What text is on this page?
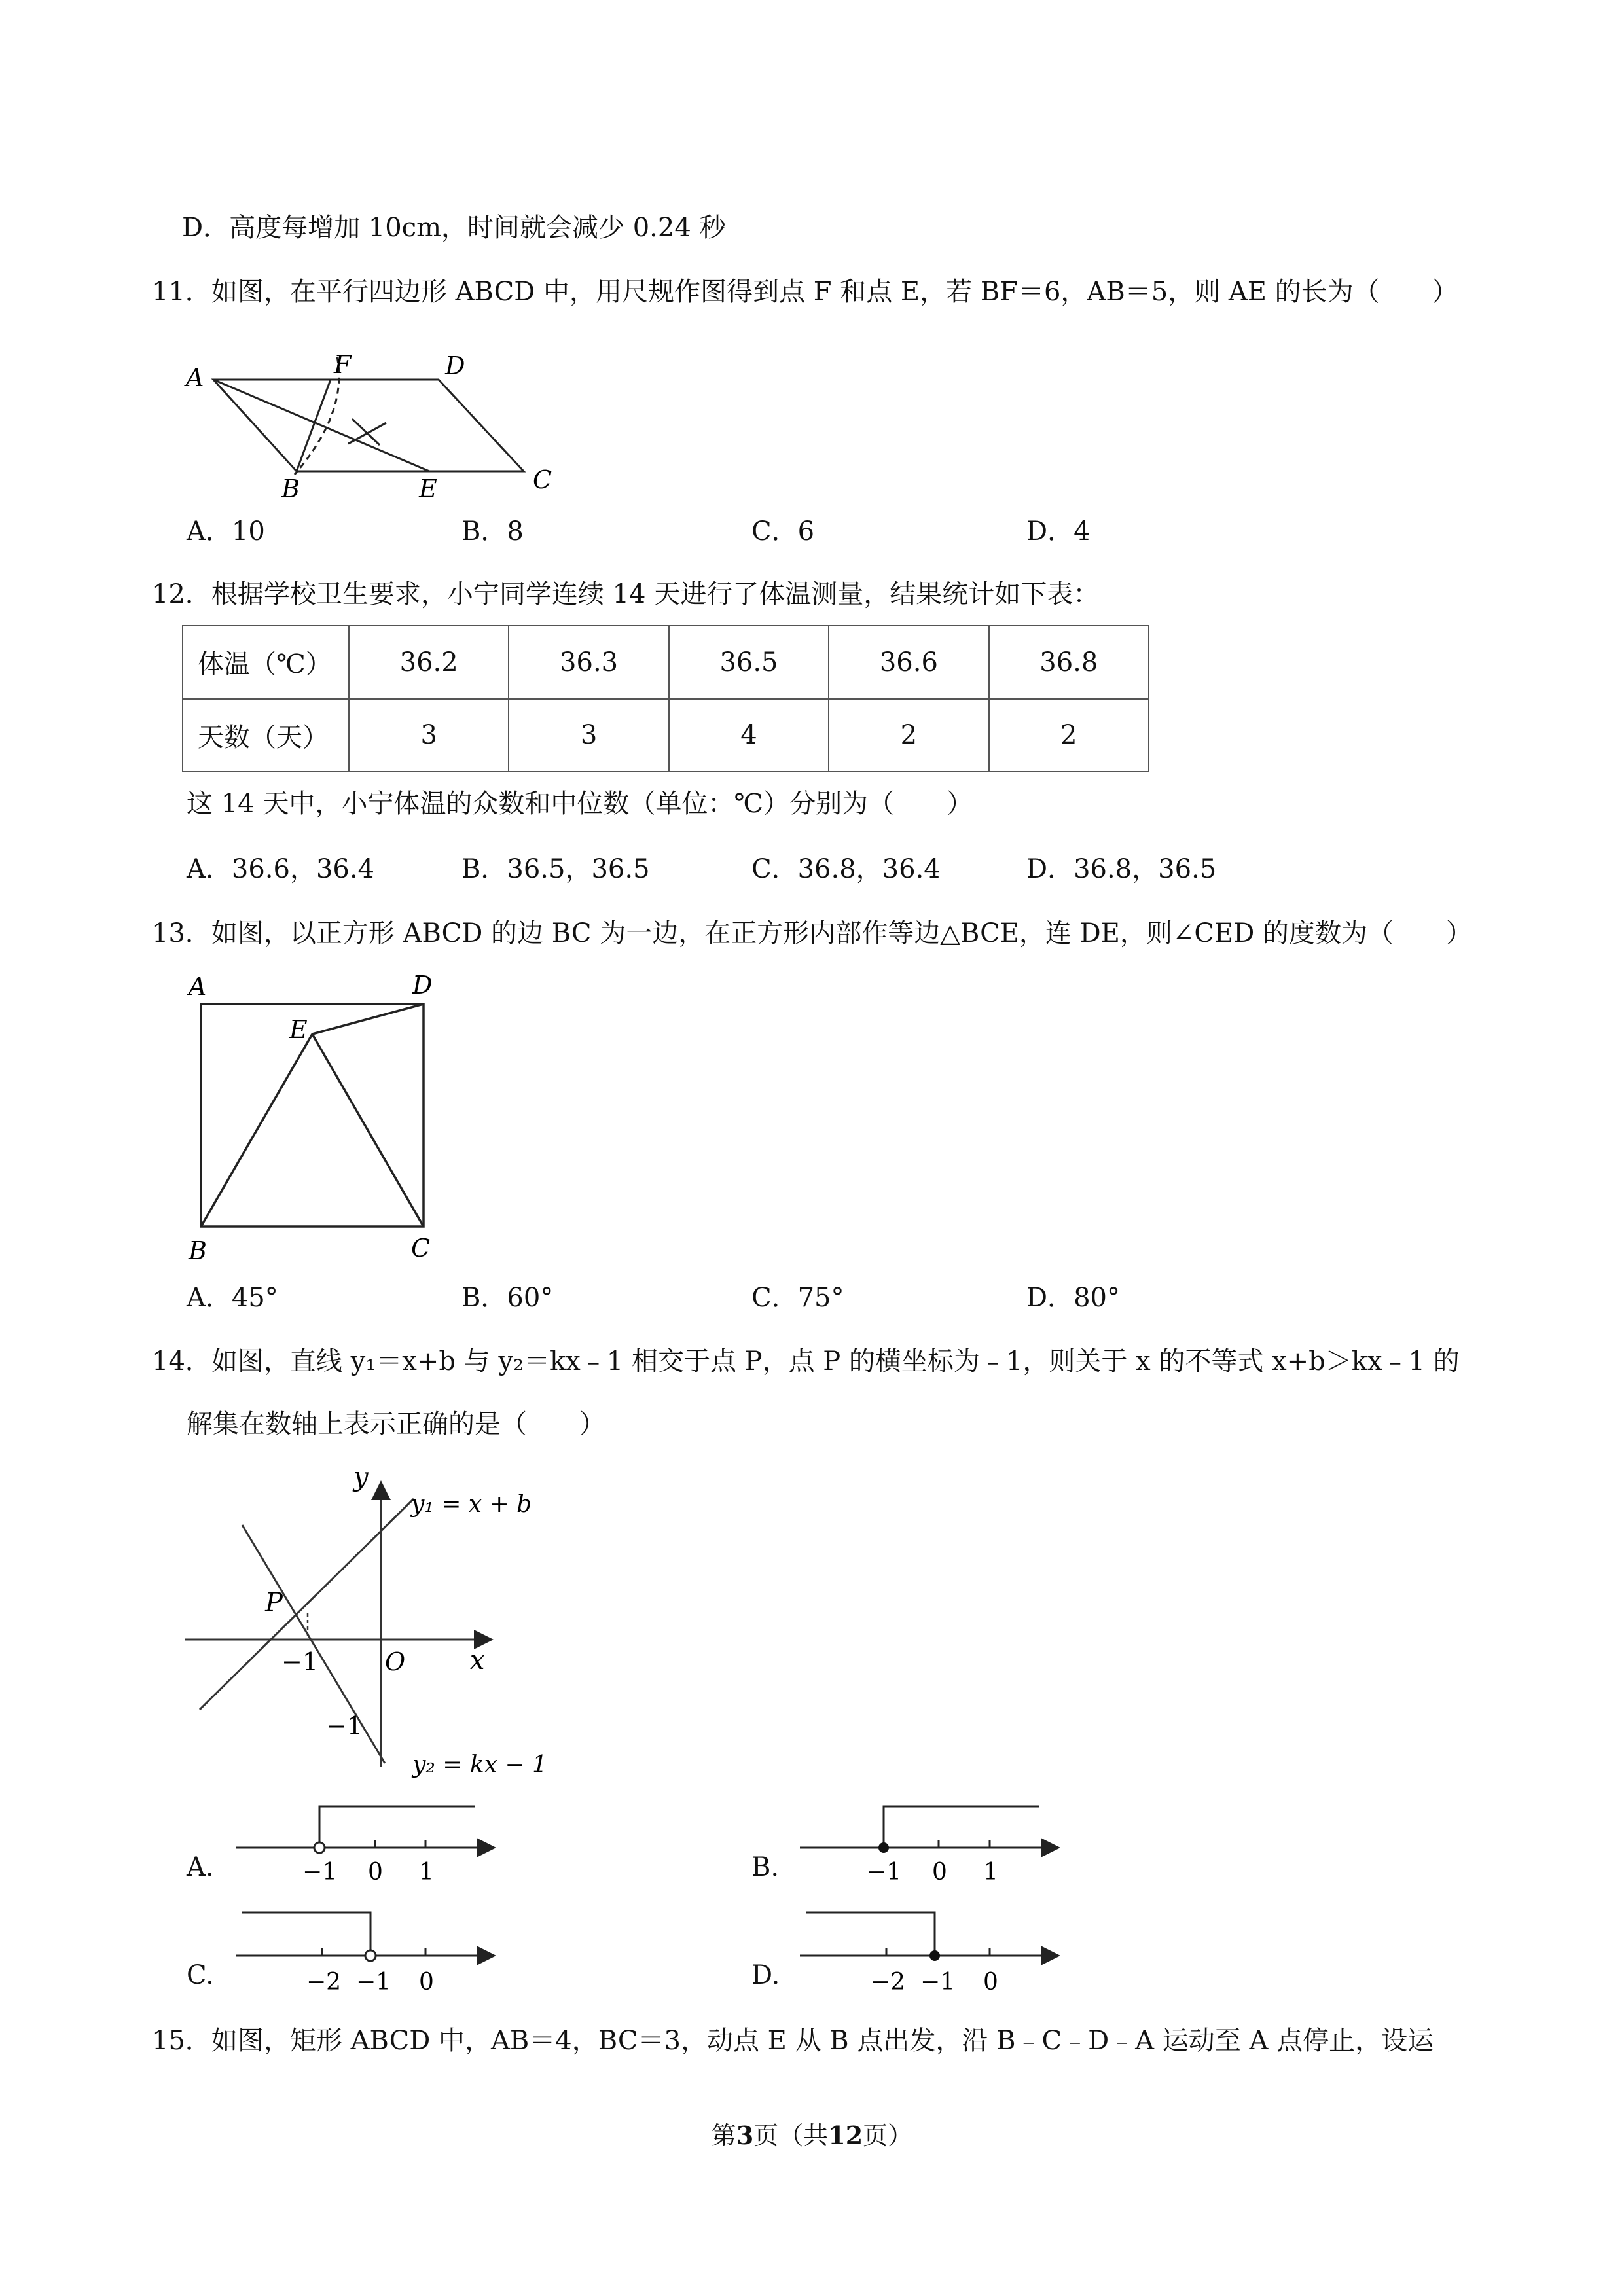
D．高度每增加 10cm，时间就会减少 0.24 秒
11．如图，在平行四边形 ABCD 中，用尺规作图得到点 F 和点 E，若 BF＝6，AB＝5，则 AE 的长为（　　）
A	F	D
B	E	C
A．10	B．8	C．6	D．4
12．根据学校卫生要求，小宁同学连续 14 天进行了体温测量，结果统计如下表：
体温（℃）	36.2	36.3	36.5	36.6	36.8
天数（天）	3	3	4	2	2
这 14 天中，小宁体温的众数和中位数（单位：℃）分别为（　　）
A．36.6，36.4	B．36.5，36.5	C．36.8，36.4	D．36.8，36.5
13．如图，以正方形 ABCD 的边 BC 为一边，在正方形内部作等边△BCE，连 DE，则∠CED 的度数为（　　）
A	D
E
B	C
A．45°	B．60°	C．75°	D．80°
14．如图，直线 y₁＝x+b 与 y₂＝kx﹣1 相交于点 P，点 P 的横坐标为﹣1，则关于 x 的不等式 x+b＞kx﹣1 的
解集在数轴上表示正确的是（　　）
y
y₁ = x + b
P
−1	O x
−1
y₂ = kx − 1
A.	−1 0 1	B.	−1 0 1
C.	−2 −1 0	D.	−2 −1 0
15．如图，矩形 ABCD 中，AB＝4，BC＝3，动点 E 从 B 点出发，沿 B﹣C﹣D﹣A 运动至 A 点停止，设运
第3页（共12页）
